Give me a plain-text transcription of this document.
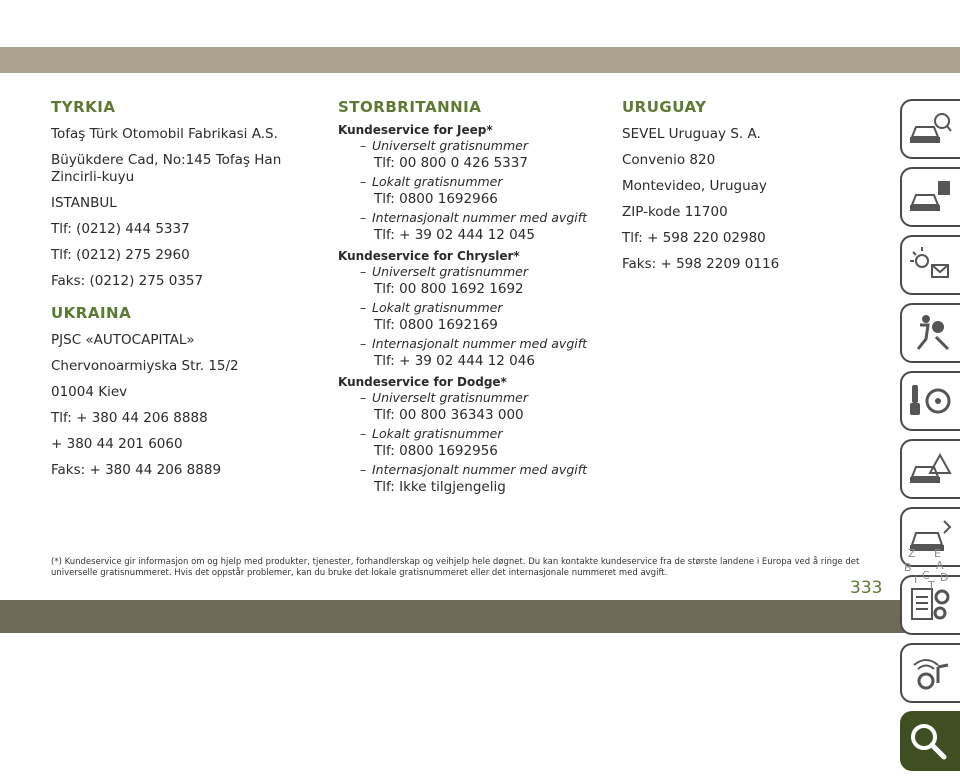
TYRKIA
Tofaş Türk Otomobil Fabrikasi A.S.
Büyükdere Cad, No:145 Tofaş Han Zincirli-kuyu
ISTANBUL
Tlf: (0212) 444 5337
Tlf: (0212) 275 2960
Faks: (0212) 275 0357
UKRAINA
PJSC «AUTOCAPITAL»
Chervonoarmiyska Str. 15/2
01004 Kiev
Tlf: + 380 44 206 8888
+ 380 44 201 6060
Faks: + 380 44 206 8889
STORBRITANNIA
Kundeservice for Jeep*
– Universelt gratisnummer
Tlf: 00 800 0 426 5337
– Lokalt gratisnummer
Tlf: 0800 1692966
– Internasjonalt nummer med avgift
Tlf: + 39 02 444 12 045
Kundeservice for Chrysler*
– Universelt gratisnummer
Tlf: 00 800 1692 1692
– Lokalt gratisnummer
Tlf: 0800 1692169
– Internasjonalt nummer med avgift
Tlf: + 39 02 444 12 046
Kundeservice for Dodge*
– Universelt gratisnummer
Tlf: 00 800 36343 000
– Lokalt gratisnummer
Tlf: 0800 1692956
– Internasjonalt nummer med avgift
Tlf: Ikke tilgjengelig
URUGUAY
SEVEL Uruguay S. A.
Convenio 820
Montevideo, Uruguay
ZIP-kode 11700
Tlf: + 598 220 02980
Faks: + 598 2209 0116
(*) Kundeservice gir informasjon om og hjelp med produkter, tjenester, forhandlerskap og veihjelp hele døgnet. Du kan kontakte kundeservice fra de største landene i Europa ved å ringe det universelle gratisnummeret. Hvis det oppstår problemer, kan du bruke det lokale gratisnummeret eller det internasjonale nummeret med avgift.
333
Z E
B A
C D
I T
